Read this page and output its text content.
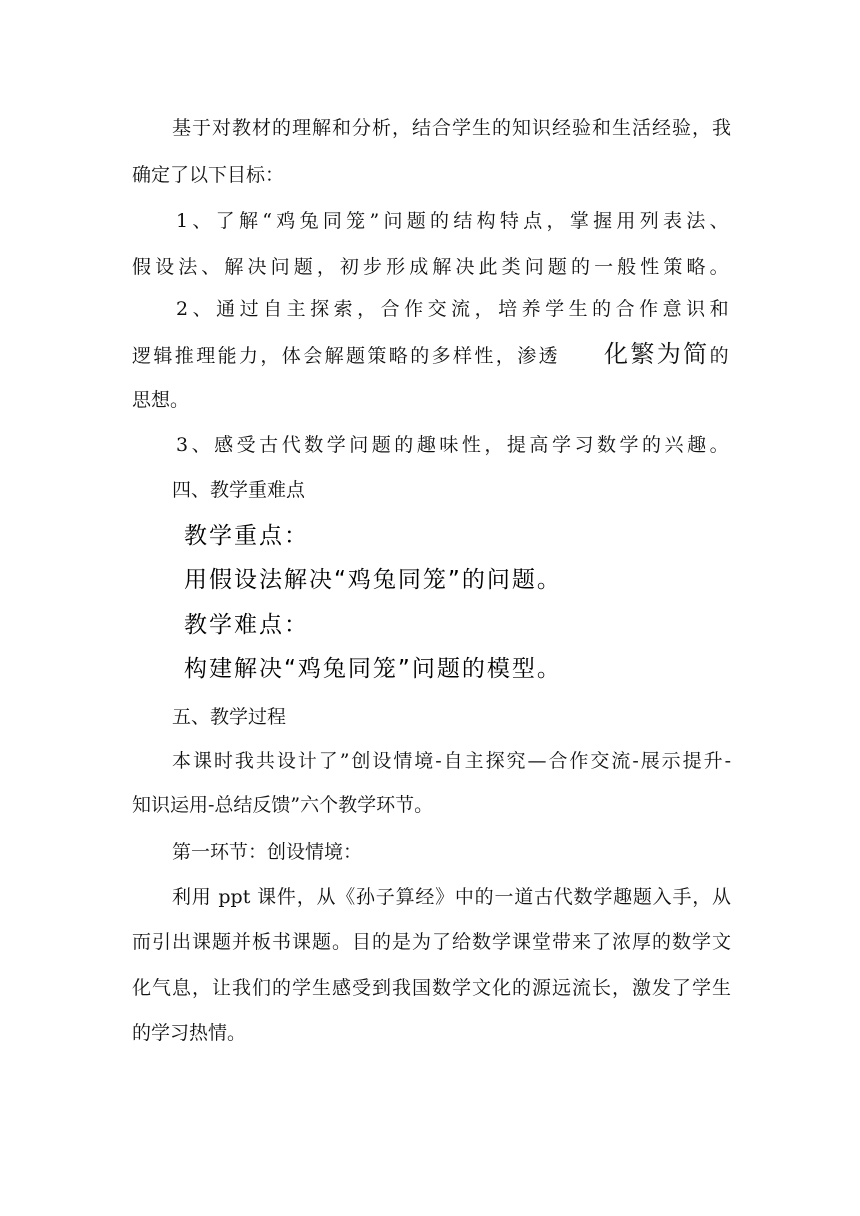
基于对教材的理解和分析，结合学生的知识经验和生活经验，我
确定了以下目标：
1、了解“鸡兔同笼”问题的结构特点，掌握用列表法、
假设法、解决问题，初步形成解决此类问题的一般性策略。
2、通过自主探索，合作交流，培养学生的合作意识和
逻辑推理能力，体会解题策略的多样性，渗透 化繁为简 的
思想。
3、感受古代数学问题的趣味性，提高学习数学的兴趣。
四、教学重难点
教学重点：
用假设法解决“鸡兔同笼”的问题。
教学难点：
构建解决“鸡兔同笼”问题的模型。
五、教学过程
本课时我共设计了”创设情境-自主探究—合作交流-展示提升-
知识运用-总结反馈”六个教学环节。
第一环节：创设情境：
利用 ppt 课件，从《孙子算经》中的一道古代数学趣题入手，从
而引出课题并板书课题。目的是为了给数学课堂带来了浓厚的数学文
化气息，让我们的学生感受到我国数学文化的源远流长，激发了学生
的学习热情。
